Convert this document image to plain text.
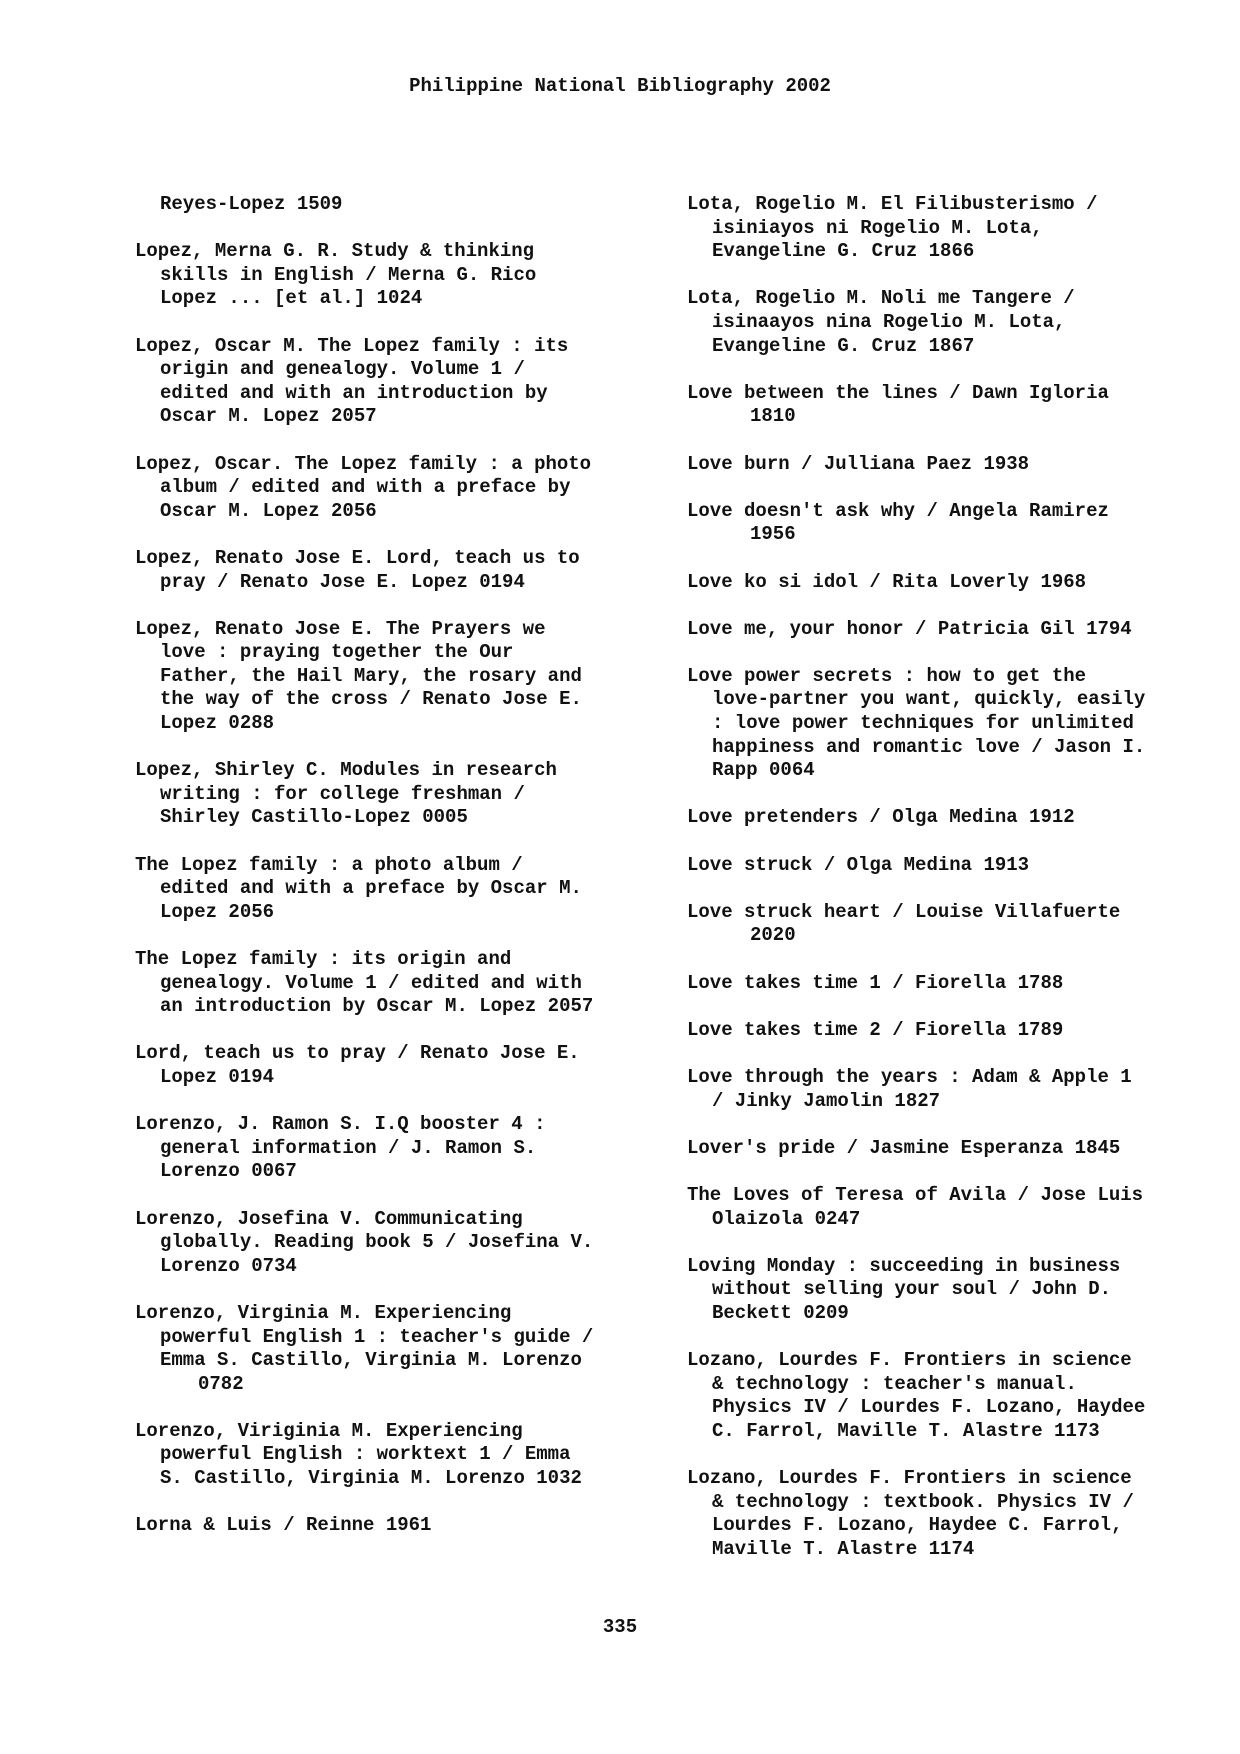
Philippine National Bibliography 2002
Reyes-Lopez 1509
Lopez, Merna G. R. Study & thinking
skills in English / Merna G. Rico
Lopez ... [et al.] 1024
Lopez, Oscar M. The Lopez family : its
origin and genealogy. Volume 1 /
edited and with an introduction by
Oscar M. Lopez 2057
Lopez, Oscar. The Lopez family : a photo
album / edited and with a preface by
Oscar M. Lopez 2056
Lopez, Renato Jose E. Lord, teach us to
pray / Renato Jose E. Lopez 0194
Lopez, Renato Jose E. The Prayers we
love : praying together the Our
Father, the Hail Mary, the rosary and
the way of the cross / Renato Jose E.
Lopez 0288
Lopez, Shirley C. Modules in research
writing : for college freshman /
Shirley Castillo-Lopez 0005
The Lopez family : a photo album /
edited and with a preface by Oscar M.
Lopez 2056
The Lopez family : its origin and
genealogy. Volume 1 / edited and with
an introduction by Oscar M. Lopez 2057
Lord, teach us to pray / Renato Jose E.
Lopez 0194
Lorenzo, J. Ramon S. I.Q booster 4 :
general information / J. Ramon S.
Lorenzo 0067
Lorenzo, Josefina V. Communicating
globally. Reading book 5 / Josefina V.
Lorenzo 0734
Lorenzo, Virginia M. Experiencing
powerful English 1 : teacher's guide /
Emma S. Castillo, Virginia M. Lorenzo
0782
Lorenzo, Viriginia M. Experiencing
powerful English : worktext 1 / Emma
S. Castillo, Virginia M. Lorenzo 1032
Lorna & Luis / Reinne 1961
Lota, Rogelio M. El Filibusterismo /
isiniayos ni Rogelio M. Lota,
Evangeline G. Cruz 1866
Lota, Rogelio M. Noli me Tangere /
isinaayos nina Rogelio M. Lota,
Evangeline G. Cruz 1867
Love between the lines / Dawn Igloria
1810
Love burn / Julliana Paez 1938
Love doesn't ask why / Angela Ramirez
1956
Love ko si idol / Rita Loverly 1968
Love me, your honor / Patricia Gil 1794
Love power secrets : how to get the
love-partner you want, quickly, easily
: love power techniques for unlimited
happiness and romantic love / Jason I.
Rapp 0064
Love pretenders / Olga Medina 1912
Love struck / Olga Medina 1913
Love struck heart / Louise Villafuerte
2020
Love takes time 1 / Fiorella 1788
Love takes time 2 / Fiorella 1789
Love through the years : Adam & Apple 1
/ Jinky Jamolin 1827
Lover's pride / Jasmine Esperanza 1845
The Loves of Teresa of Avila / Jose Luis
Olaizola 0247
Loving Monday : succeeding in business
without selling your soul / John D.
Beckett 0209
Lozano, Lourdes F. Frontiers in science
& technology : teacher's manual.
Physics IV / Lourdes F. Lozano, Haydee
C. Farrol, Maville T. Alastre 1173
Lozano, Lourdes F. Frontiers in science
& technology : textbook. Physics IV /
Lourdes F. Lozano, Haydee C. Farrol,
Maville T. Alastre 1174
335
